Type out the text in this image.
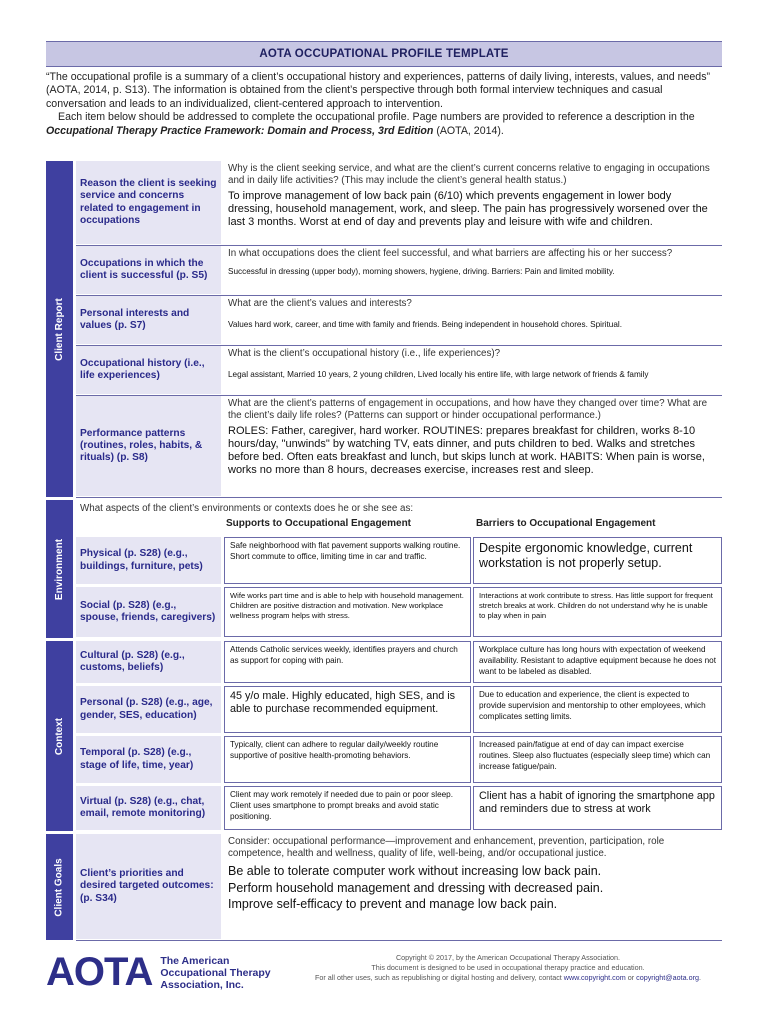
AOTA OCCUPATIONAL PROFILE TEMPLATE

“The occupational profile is a summary of a client’s occupational history and experiences, patterns of daily living, interests, values, and needs” (AOTA, 2014, p. S13). The information is obtained from the client’s perspective through both formal interview techniques and casual conversation and leads to an individualized, client-centered approach to intervention.

Each item below should be addressed to complete the occupational profile. Page numbers are provided to reference a description in the Occupational Therapy Practice Framework: Domain and Process, 3rd Edition (AOTA, 2014).

Client Report
Environment
Context
Client Goals
Reason the client is seeking service and concerns related to engagement in occupations
Why is the client seeking service, and what are the client’s current concerns relative to engaging in occupations and in daily life activities? (This may include the client’s general health status.)
To improve management of low back pain (6/10) which prevents engagement in lower body dressing, household management, work, and sleep. The pain has progressively worsened over the last 3 months. Worst at end of day and prevents play and leisure with wife and children.
Occupations in which the client is successful (p. S5)
In what occupations does the client feel successful, and what barriers are affecting his or her success?
Successful in dressing (upper body), morning showers, hygiene, driving. Barriers: Pain and limited mobility.
Personal interests and values (p. S7)
What are the client’s values and interests?
Values hard work, career, and time with family and friends. Being independent in household chores. Spiritual.
Occupational history (i.e., life experiences)
What is the client’s occupational history (i.e., life experiences)?
Legal assistant, Married 10 years, 2 young children, Lived locally his entire life, with large network of friends & family
Performance patterns (routines, roles, habits, & rituals) (p. S8)
What are the client’s patterns of engagement in occupations, and how have they changed over time? What are the client’s daily life roles? (Patterns can support or hinder occupational performance.)
ROLES: Father, caregiver, hard worker. ROUTINES: prepares breakfast for children, works 8-10 hours/day, "unwinds" by watching TV, eats dinner, and puts children to bed. Walks and stretches before bed. Often eats breakfast and lunch, but skips lunch at work. HABITS: When pain is worse, works no more than 8 hours, decreases exercise, increases rest and sleep.
What aspects of the client’s environments or contexts does he or she see as:
Supports to Occupational Engagement	Barriers to Occupational Engagement
Physical (p. S28) (e.g., buildings, furniture, pets)
Safe neighborhood with flat pavement supports walking routine. Short commute to office, limiting time in car and traffic.
Despite ergonomic knowledge, current workstation is not properly setup.
Social (p. S28) (e.g., spouse, friends, caregivers)
Wife works part time and is able to help with household management. Children are positive distraction and motivation. New workplace wellness program helps with stress.
Interactions at work contribute to stress. Has little support for frequent stretch breaks at work. Children do not understand why he is unable to play when in pain
Cultural (p. S28) (e.g., customs, beliefs)
Attends Catholic services weekly, identifies prayers and church as support for coping with pain.
Workplace culture has long hours with expectation of weekend availability. Resistant to adaptive equipment because he does not want to be labeled as disabled.
Personal (p. S28) (e.g., age, gender, SES, education)
45 y/o male. Highly educated, high SES, and is able to purchase recommended equipment.
Due to education and experience, the client is expected to provide supervision and mentorship to other employees, which complicates setting limits.
Temporal (p. S28) (e.g., stage of life, time, year)
Typically, client can adhere to regular daily/weekly routine supportive of positive health-promoting behaviors.
Increased pain/fatigue at end of day can impact exercise routines. Sleep also fluctuates (especially sleep time) which can increase fatigue/pain.
Virtual (p. S28) (e.g., chat, email, remote monitoring)
Client may work remotely if needed due to pain or poor sleep. Client uses smartphone to prompt breaks and avoid static positioning.
Client has a habit of ignoring the smartphone app and reminders due to stress at work
Client’s priorities and desired targeted outcomes: (p. S34)
Consider: occupational performance—improvement and enhancement, prevention, participation, role competence, health and wellness, quality of life, well-being, and/or occupational justice.
Be able to tolerate computer work without increasing low back pain.
Perform household management and dressing with decreased pain.
Improve self-efficacy to prevent and manage low back pain.
AOTA The American
Occupational Therapy
Association, Inc.
Copyright © 2017, by the American Occupational Therapy Association.
This document is designed to be used in occupational therapy practice and education.
For all other uses, such as republishing or digital hosting and delivery, contact www.copyright.com or copyright@aota.org.
